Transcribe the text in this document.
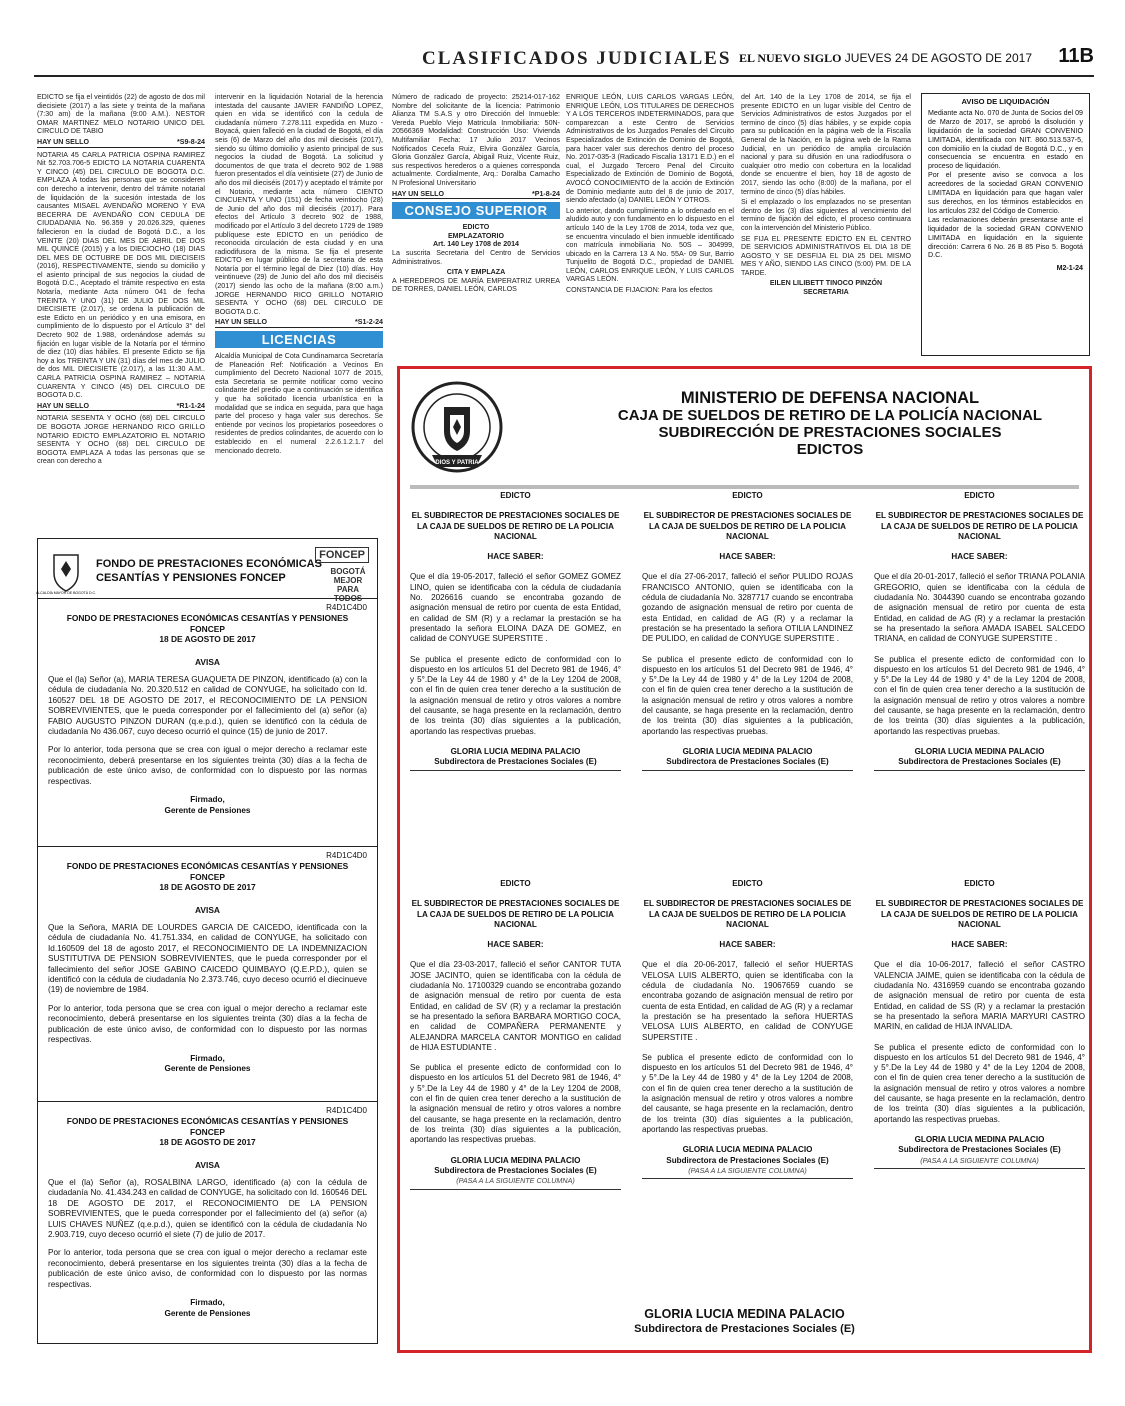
CLASIFICADOS JUDICIALES EL NUEVO SIGLO JUEVES 24 DE AGOSTO DE 2017 11B

EDICTO se fija el veintidós (22) de agosto de dos mil diecisiete (2017) a las siete y treinta de la mañana (7:30 am) de la mañana (9:00 A.M.). NESTOR OMAR MARTINEZ MELO NOTARIO UNICO DEL CIRCULO DE TABIO

HAY UN SELLO	*S9-8-24

NOTARIA 45 CARLA PATRICIA OSPINA RAMIREZ Nit 52.703.706-5 EDICTO LA NOTARIA CUARENTA Y CINCO (45) DEL CIRCULO DE BOGOTA D.C. EMPLAZA A todas las personas que se consideren con derecho a intervenir, dentro del trámite notarial de liquidación de la sucesión intestada de los causantes MISAEL AVENDAÑO MORENO Y EVA BECERRA DE AVENDAÑO CON CEDULA DE CIUDADANIA No. 96.359 y 20.026.329, quienes fallecieron en la ciudad de Bogotá D.C., a los VEINTE (20) DIAS DEL MES DE ABRIL DE DOS MIL QUINCE (2015) y a los DIECIOCHO (18) DIAS DEL MES DE OCTUBRE DE DOS MIL DIECISEIS (2016), RESPECTIVAMENTE, siendo su domicilio y el asiento principal de sus negocios la ciudad de Bogotá D.C., Aceptado el trámite respectivo en esta Notaría, mediante Acta número 041 de fecha TREINTA Y UNO (31) DE JULIO DE DOS MIL DIECISIETE (2.017), se ordena la publicación de este Edicto en un periódico y en una emisora, en cumplimiento de lo dispuesto por el Artículo 3° del Decreto 902 de 1.988, ordenándose además su fijación en lugar visible de la Notaría por el término de diez (10) días hábiles. El presente Edicto se fija hoy a los TREINTA Y UN (31) días del mes de JULIO de dos MIL DIECISIETE (2.017), a las 11:30 A.M.. CARLA PATRICIA OSPINA RAMIREZ – NOTARIA CUARENTA Y CINCO (45) DEL CIRCULO DE BOGOTA D.C.

HAY UN SELLO	*R1-1-24

NOTARIA SESENTA Y OCHO (68) DEL CIRCULO DE BOGOTA JORGE HERNANDO RICO GRILLO NOTARIO EDICTO EMPLAZATORIO EL NOTARIO SESENTA Y OCHO (68) DEL CIRCULO DE BOGOTA EMPLAZA A todas las personas que se crean con derecho a

intervenir en la liquidación Notarial de la herencia intestada del causante JAVIER FANDIÑO LOPEZ, quien en vida se identificó con la cedula de ciudadanía número 7.278.111 expedida en Muzo - Boyacá, quien falleció en la ciudad de Bogotá, el día seis (6) de Marzo del año dos mil dieciséis (2017), siendo su último domicilio y asiento principal de sus negocios la ciudad de Bogotá. La solicitud y documentos de que trata el decreto 902 de 1.988 fueron presentados el día veintisiete (27) de Junio de año dos mil dieciséis (2017) y aceptado el trámite por el Notario, mediante acta número CIENTO CINCUENTA Y UNO (151) de fecha veintiocho (28) de Junio del año dos mil dieciséis (2017). Para efectos del Artículo 3 decreto 902 de 1988, modificado por el Artículo 3 del decreto 1729 de 1989 publíquese este EDICTO en un periódico de reconocida circulación de esta ciudad y en una radiodifusora de la misma. Se fija el presente EDICTO en lugar público de la secretaria de esta Notaría por el término legal de Diez (10) días. Hoy veintinueve (29) de Junio del año dos mil dieciséis (2017) siendo las ocho de la mañana (8:00 a.m.) JORGE HERNANDO RICO GRILLO NOTARIO SESENTA Y OCHO (68) DEL CIRCULO DE BOGOTA D.C.

HAY UN SELLO	*S1-2-24
LICENCIAS

Alcaldía Municipal de Cota Cundinamarca Secretaría de Planeación Ref: Notificación a Vecinos En cumplimiento del Decreto Nacional 1077 de 2015, esta Secretaria se permite notificar como vecino colindante del predio que a continuación se identifica y que ha solicitado licencia urbanística en la modalidad que se indica en seguida, para que haga parte del proceso y haga valer sus derechos. Se entiende por vecinos los propietarios poseedores o residentes de predios colindantes, de acuerdo con lo establecido en el numeral 2.2.6.1.2.1.7 del mencionado decreto.

Número de radicado de proyecto: 25214-017-162 Nombre del solicitante de la licencia: Patrimonio Alianza TM S.A.S y otro Dirección del Inmueble: Vereda Pueblo Viejo Matricula Inmobiliaria: 50N-20566369 Modalidad: Construcción Uso: Vivienda Multifamiliar Fecha: 17 Julio 2017 Vecinos Notificados Cecefa Ruiz, Elvira González García, Gloria González García, Abigail Ruiz, Vicente Ruiz, sus respectivos herederos o a quienes corresponda actualmente. Cordialmente, Arq.: Doralba Camacho N Profesional Universitario

HAY UN SELLO	*P1-8-24
CONSEJO SUPERIOR
EDICTO
EMPLAZATORIO
Art. 140 Ley 1708 de 2014

La suscrita Secretaria del Centro de Servicios Administrativos.

CITA Y EMPLAZA

A HEREDEROS DE MARÍA EMPERATRIZ URREA DE TORRES, DANIEL LEÓN, CARLOS

ENRIQUE LEÓN, LUIS CARLOS VARGAS LEÓN, ENRIQUE LEÓN, LOS TITULARES DE DERECHOS Y A LOS TERCEROS INDETERMINADOS, para que comparezcan a este Centro de Servicios Administrativos de los Juzgados Penales del Circuito Especializados de Extinción de Dominio de Bogotá, para hacer valer sus derechos dentro del proceso No. 2017-035-3 (Radicado Fiscalía 13171 E.D.) en el cual, el Juzgado Tercero Penal del Circuito Especializado de Extinción de Dominio de Bogotá, AVOCÓ CONOCIMIENTO de la acción de Extinción de Dominio mediante auto del 8 de junio de 2017, siendo afectado (a) DANIEL LEÓN Y OTROS.

Lo anterior, dando cumplimiento a lo ordenado en el aludido auto y con fundamento en lo dispuesto en el artículo 140 de la Ley 1708 de 2014, toda vez que, se encuentra vinculado el bien inmueble identificado con matrícula inmobiliaria No. 50S – 304999, ubicado en la Carrera 13 A No. 55A- 09 Sur, Barrio Tunjuelito de Bogotá D.C., propiedad de DANIEL LEÓN, CARLOS ENRIQUE LEÓN, Y LUIS CARLOS VARGAS LEÓN.

CONSTANCIA DE FIJACION: Para los efectos

del Art. 140 de la Ley 1708 de 2014, se fija el presente EDICTO en un lugar visible del Centro de Servicios Administrativos de estos Juzgados por el termino de cinco (5) días hábiles, y se expide copia para su publicación en la página web de la Fiscalía General de la Nación, en la página web de la Rama Judicial, en un periódico de amplia circulación nacional y para su difusión en una radiodifusora o cualquier otro medio con cobertura en la localidad donde se encuentre el bien, hoy 18 de agosto de 2017, siendo las ocho (8:00) de la mañana, por el termino de cinco (5) días hábiles.

Si el emplazado o los emplazados no se presentan dentro de los (3) días siguientes al vencimiento del termino de fijación del edicto, el proceso continuara con la intervención del Ministerio Público.

SE FIJA EL PRESENTE EDICTO EN EL CENTRO DE SERVICIOS ADMINISTRATIVOS EL DIA 18 DE AGOSTO Y SE DESFIJA EL DIA 25 DEL MISMO MES Y AÑO, SIENDO LAS CINCO (5:00) PM. DE LA TARDE.

EILEN LILIBETT TINOCO PINZÓN
SECRETARIA
AVISO DE LIQUIDACIÓN

Mediante acta No. 070 de Junta de Socios del 09 de Marzo de 2017, se aprobó la disolución y liquidación de la sociedad GRAN CONVENIO LIMITADA, identificada con NIT. 860.513.537-5, con domicilio en la ciudad de Bogotá D.C., y en consecuencia se encuentra en estado en proceso de liquidación.

Por el presente aviso se convoca a los acreedores de la sociedad GRAN CONVENIO LIMITADA en liquidación para que hagan valer sus derechos, en los términos establecidos en los artículos 232 del Código de Comercio.

Las reclamaciones deberán presentarse ante el liquidador de la sociedad GRAN CONVENIO LIMITADA en liquidación en la siguiente dirección: Carrera 6 No. 26 B 85 Piso 5. Bogotá D.C.

M2-1-24
ALCALDÍA MAYOR DE BOGOTÁ D.C.
FONDO DE PRESTACIONES ECONÓMICAS
CESANTÍAS Y PENSIONES FONCEP
FONCEP
BOGOTÁ MEJOR PARA TODOS
R4D1C4D0
FONDO DE PRESTACIONES ECONÓMICAS CESANTÍAS Y PENSIONES
FONCEP
18 DE AGOSTO DE 2017
AVISA

Que el (la) Señor (a), MARIA TERESA GUAQUETA DE PINZON, identificado (a) con la cédula de ciudadanía No. 20.320.512 en calidad de CONYUGE, ha solicitado con Id. 160527 DEL 18 DE AGOSTO DE 2017, el RECONOCIMIENTO DE LA PENSION SOBREVIVIENTES, que le pueda corresponder por el fallecimiento del (a) señor (a) FABIO AUGUSTO PINZON DURAN (q.e.p.d.), quien se identificó con la cédula de ciudadanía No 436.067, cuyo deceso ocurrió el quince (15) de junio de 2017.

Por lo anterior, toda persona que se crea con igual o mejor derecho a reclamar este reconocimiento, deberá presentarse en los siguientes treinta (30) días a la fecha de publicación de este único aviso, de conformidad con lo dispuesto por las normas respectivas.

Firmado,
Gerente de Pensiones
R4D1C4D0
FONDO DE PRESTACIONES ECONÓMICAS CESANTÍAS Y PENSIONES
FONCEP
18 DE AGOSTO DE 2017
AVISA

Que la Señora, MARIA DE LOURDES GARCIA DE CAICEDO, identificada con la cédula de ciudadanía No. 41.751.334, en calidad de CONYUGE, ha solicitado con Id.160509 del 18 de agosto 2017, el RECONOCIMIENTO DE LA INDEMNIZACION SUSTITUTIVA DE PENSION SOBREVIVIENTES, que le pueda corresponder por el fallecimiento del señor JOSE GABINO CAICEDO QUIMBAYO (Q.E.P.D.), quien se identificó con la cédula de ciudadanía No 2.373.746, cuyo deceso ocurrió el diecinueve (19) de noviembre de 1984.

Por lo anterior, toda persona que se crea con igual o mejor derecho a reclamar este reconocimiento, deberá presentarse en los siguientes treinta (30) días a la fecha de publicación de este único aviso, de conformidad con lo dispuesto por las normas respectivas.

Firmado,
Gerente de Pensiones
R4D1C4D0
FONDO DE PRESTACIONES ECONÓMICAS CESANTÍAS Y PENSIONES
FONCEP
18 DE AGOSTO DE 2017
AVISA

Que el (la) Señor (a), ROSALBINA LARGO, identificado (a) con la cédula de ciudadanía No. 41.434.243 en calidad de CONYUGE, ha solicitado con Id. 160546 DEL 18 DE AGOSTO DE 2017, el RECONOCIMIENTO DE LA PENSION SOBREVIVIENTES, que le pueda corresponder por el fallecimiento del (a) señor (a) LUIS CHAVES NUÑEZ (q.e.p.d.), quien se identificó con la cédula de ciudadanía No 2.903.719, cuyo deceso ocurrió el siete (7) de julio de 2017.

Por lo anterior, toda persona que se crea con igual o mejor derecho a reclamar este reconocimiento, deberá presentarse en los siguientes treinta (30) días a la fecha de publicación de este único aviso, de conformidad con lo dispuesto por las normas respectivas.

Firmado,
Gerente de Pensiones
DIOS Y PATRIA
MINISTERIO DE DEFENSA NACIONAL
CAJA DE SUELDOS DE RETIRO DE LA POLICÍA NACIONAL
SUBDIRECCIÓN DE PRESTACIONES SOCIALES
EDICTOS
EDICTO
EL SUBDIRECTOR DE PRESTACIONES SOCIALES DE
LA CAJA DE SUELDOS DE RETIRO DE LA POLICIA NACIONAL
HACE SABER:
Que el día 19-05-2017, falleció el señor GOMEZ GOMEZ LINO, quien se identificaba con la cédula de ciudadanía No. 2026616 cuando se encontraba gozando de asignación mensual de retiro por cuenta de esta Entidad, en calidad de SM (R) y a reclamar la prestación se ha presentado la señora ELOINA DAZA DE GOMEZ, en calidad de CONYUGE SUPERSTITE .
Se publica el presente edicto de conformidad con lo dispuesto en los artículos 51 del Decreto 981 de 1946, 4° y 5°.De la Ley 44 de 1980 y 4° de la Ley 1204 de 2008, con el fin de quien crea tener derecho a la sustitución de la asignación mensual de retiro y otros valores a nombre del causante, se haga presente en la reclamación, dentro de los treinta (30) días siguientes a la publicación, aportando las respectivas pruebas.
GLORIA LUCIA MEDINA PALACIO
Subdirectora de Prestaciones Sociales (E)
EDICTO
EL SUBDIRECTOR DE PRESTACIONES SOCIALES DE
LA CAJA DE SUELDOS DE RETIRO DE LA POLICIA NACIONAL
HACE SABER:
Que el día 27-06-2017, falleció el señor PULIDO ROJAS FRANCISCO ANTONIO, quien se identificaba con la cédula de ciudadanía No. 3287717 cuando se encontraba gozando de asignación mensual de retiro por cuenta de esta Entidad, en calidad de AG (R) y a reclamar la prestación se ha presentado la señora OTILIA LANDINEZ DE PULIDO, en calidad de CONYUGE SUPERSTITE .
Se publica el presente edicto de conformidad con lo dispuesto en los artículos 51 del Decreto 981 de 1946, 4° y 5°.De la Ley 44 de 1980 y 4° de la Ley 1204 de 2008, con el fin de quien crea tener derecho a la sustitución de la asignación mensual de retiro y otros valores a nombre del causante, se haga presente en la reclamación, dentro de los treinta (30) días siguientes a la publicación, aportando las respectivas pruebas.
GLORIA LUCIA MEDINA PALACIO
Subdirectora de Prestaciones Sociales (E)
EDICTO
EL SUBDIRECTOR DE PRESTACIONES SOCIALES DE
LA CAJA DE SUELDOS DE RETIRO DE LA POLICIA NACIONAL
HACE SABER:
Que el día 20-01-2017, falleció el señor TRIANA POLANIA GREGORIO, quien se identificaba con la cédula de ciudadanía No. 3044390 cuando se encontraba gozando de asignación mensual de retiro por cuenta de esta Entidad, en calidad de AG (R) y a reclamar la prestación se ha presentado la señora AMADA ISABEL SALCEDO TRIANA, en calidad de CONYUGE SUPERSTITE .
Se publica el presente edicto de conformidad con lo dispuesto en los artículos 51 del Decreto 981 de 1946, 4° y 5°.De la Ley 44 de 1980 y 4° de la Ley 1204 de 2008, con el fin de quien crea tener derecho a la sustitución de la asignación mensual de retiro y otros valores a nombre del causante, se haga presente en la reclamación, dentro de los treinta (30) días siguientes a la publicación, aportando las respectivas pruebas.
GLORIA LUCIA MEDINA PALACIO
Subdirectora de Prestaciones Sociales (E)
EDICTO
EL SUBDIRECTOR DE PRESTACIONES SOCIALES DE
LA CAJA DE SUELDOS DE RETIRO DE LA POLICIA NACIONAL
HACE SABER:
Que el día 23-03-2017, falleció el señor CANTOR TUTA JOSE JACINTO, quien se identificaba con la cédula de ciudadanía No. 17100329 cuando se encontraba gozando de asignación mensual de retiro por cuenta de esta Entidad, en calidad de SV (R) y a reclamar la prestación se ha presentado la señora BARBARA MORTIGO COCA, en calidad de COMPAÑERA PERMANENTE y ALEJANDRA MARCELA CANTOR MONTIGO en calidad de HIJA ESTUDIANTE .
Se publica el presente edicto de conformidad con lo dispuesto en los artículos 51 del Decreto 981 de 1946, 4° y 5°.De la Ley 44 de 1980 y 4° de la Ley 1204 de 2008, con el fin de quien crea tener derecho a la sustitución de la asignación mensual de retiro y otros valores a nombre del causante, se haga presente en la reclamación, dentro de los treinta (30) días siguientes a la publicación, aportando las respectivas pruebas.
GLORIA LUCIA MEDINA PALACIO
Subdirectora de Prestaciones Sociales (E)
(PASA A LA SIGUIENTE COLUMNA)
EDICTO
EL SUBDIRECTOR DE PRESTACIONES SOCIALES DE
LA CAJA DE SUELDOS DE RETIRO DE LA POLICIA NACIONAL
HACE SABER:
Que el día 20-06-2017, falleció el señor HUERTAS VELOSA LUIS ALBERTO, quien se identificaba con la cédula de ciudadanía No. 19067659 cuando se encontraba gozando de asignación mensual de retiro por cuenta de esta Entidad, en calidad de AG (R) y a reclamar la prestación se ha presentado la señora HUERTAS VELOSA LUIS ALBERTO, en calidad de CONYUGE SUPERSTITE .
Se publica el presente edicto de conformidad con lo dispuesto en los artículos 51 del Decreto 981 de 1946, 4° y 5°.De la Ley 44 de 1980 y 4° de la Ley 1204 de 2008, con el fin de quien crea tener derecho a la sustitución de la asignación mensual de retiro y otros valores a nombre del causante, se haga presente en la reclamación, dentro de los treinta (30) días siguientes a la publicación, aportando las respectivas pruebas.
GLORIA LUCIA MEDINA PALACIO
Subdirectora de Prestaciones Sociales (E)
(PASA A LA SIGUIENTE COLUMNA)
EDICTO
EL SUBDIRECTOR DE PRESTACIONES SOCIALES DE
LA CAJA DE SUELDOS DE RETIRO DE LA POLICIA NACIONAL
HACE SABER:
Que el día 10-06-2017, falleció el señor CASTRO VALENCIA JAIME, quien se identificaba con la cédula de ciudadanía No. 4316959 cuando se encontraba gozando de asignación mensual de retiro por cuenta de esta Entidad, en calidad de SS (R) y a reclamar la prestación se ha presentado la señora MARIA MARYURI CASTRO MARIN, en calidad de HIJA INVALIDA.
Se publica el presente edicto de conformidad con lo dispuesto en los artículos 51 del Decreto 981 de 1946, 4° y 5°.De la Ley 44 de 1980 y 4° de la Ley 1204 de 2008, con el fin de quien crea tener derecho a la sustitución de la asignación mensual de retiro y otros valores a nombre del causante, se haga presente en la reclamación, dentro de los treinta (30) días siguientes a la publicación, aportando las respectivas pruebas.
GLORIA LUCIA MEDINA PALACIO
Subdirectora de Prestaciones Sociales (E)
(PASA A LA SIGUIENTE COLUMNA)
GLORIA LUCIA MEDINA PALACIO
Subdirectora de Prestaciones Sociales (E)
